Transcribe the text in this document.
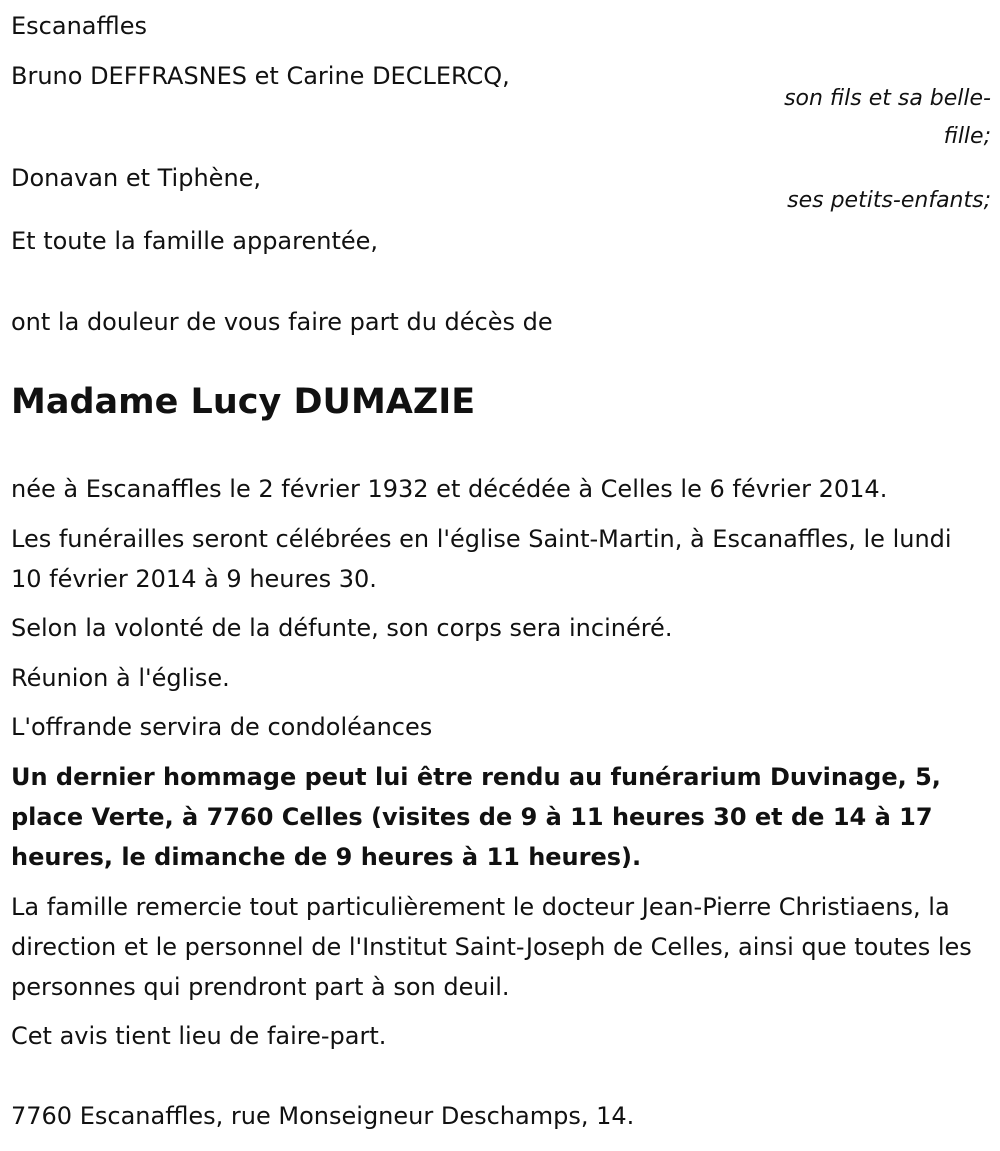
Escanaffles
Bruno DEFFRASNES et Carine DECLERCQ,
son fils et sa belle-
fille;
Donavan et Tiphène,
ses petits-enfants;
Et toute la famille apparentée,
ont la douleur de vous faire part du décès de
Madame Lucy DUMAZIE
née à Escanaffles le 2 février 1932 et décédée à Celles le 6 février 2014.
Les funérailles seront célébrées en l'église Saint-Martin, à Escanaffles, le lundi 10 février 2014 à 9 heures 30.
Selon la volonté de la défunte, son corps sera incinéré.
Réunion à l'église.
L'offrande servira de condoléances
Un dernier hommage peut lui être rendu au funérarium Duvinage, 5, place Verte, à 7760 Celles (visites de 9 à 11 heures 30 et de 14 à 17 heures, le dimanche de 9 heures à 11 heures).
La famille remercie tout particulièrement le docteur Jean-Pierre Christiaens, la direction et le personnel de l'Institut Saint-Joseph de Celles, ainsi que toutes les personnes qui prendront part à son deuil.
Cet avis tient lieu de faire-part.
7760 Escanaffles, rue Monseigneur Deschamps, 14.
